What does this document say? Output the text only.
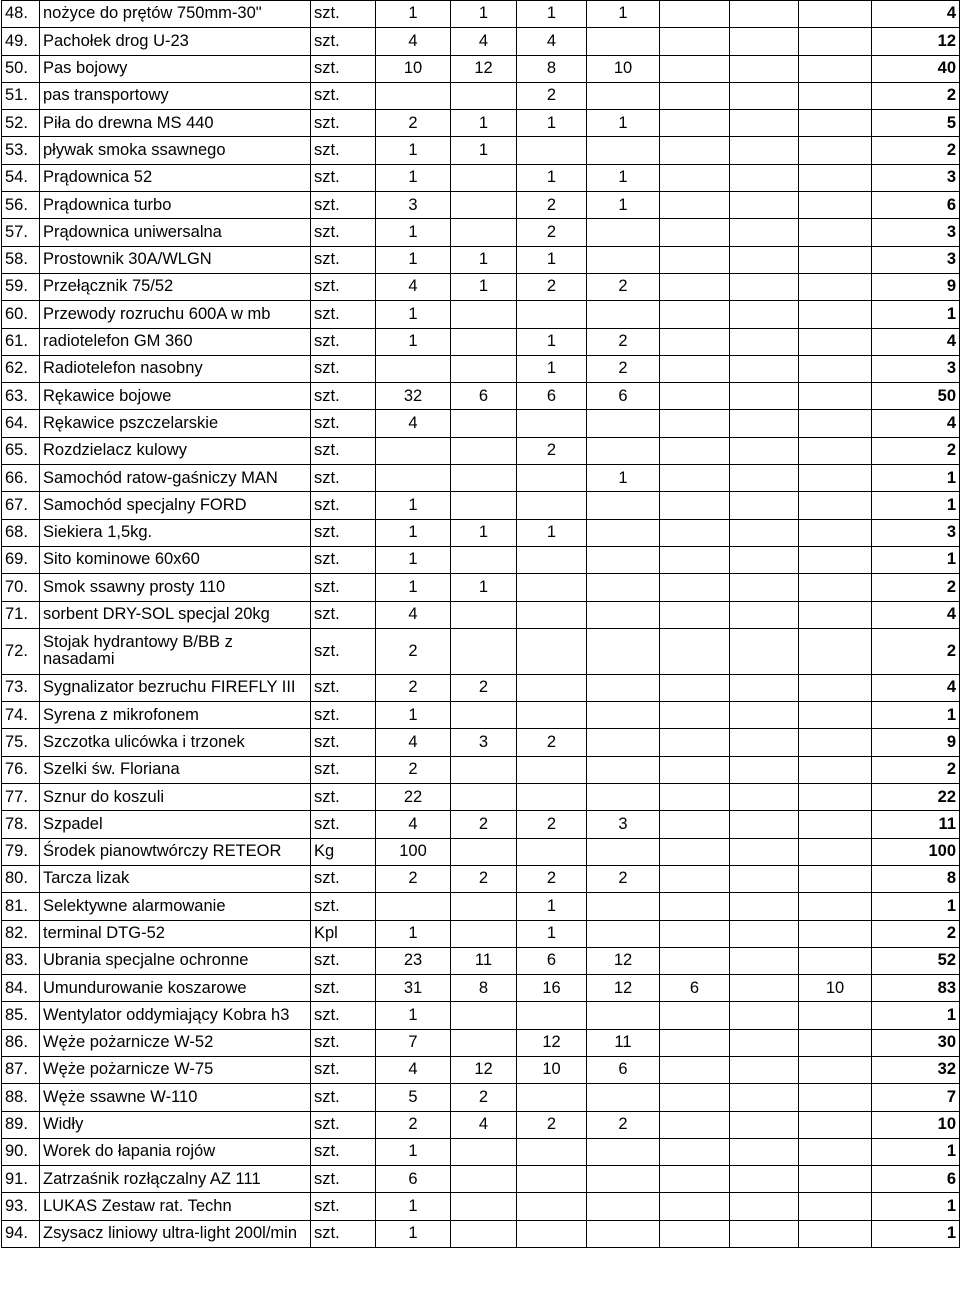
48.	nożyce do prętów 750mm-30"	szt.	1	1	1	1				4
49.	Pachołek drog U-23	szt.	4	4	4					12
50.	Pas bojowy	szt.	10	12	8	10				40
51.	pas transportowy	szt.			2					2
52.	Piła do drewna MS 440	szt.	2	1	1	1				5
53.	pływak smoka ssawnego	szt.	1	1						2
54.	Prądownica 52	szt.	1		1	1				3
56.	Prądownica turbo	szt.	3		2	1				6
57.	Prądownica uniwersalna	szt.	1		2					3
58.	Prostownik 30A/WLGN	szt.	1	1	1					3
59.	Przełącznik 75/52	szt.	4	1	2	2				9
60.	Przewody rozruchu 600A w mb	szt.	1							1
61.	radiotelefon GM 360	szt.	1		1	2				4
62.	Radiotelefon nasobny	szt.			1	2				3
63.	Rękawice bojowe	szt.	32	6	6	6				50
64.	Rękawice pszczelarskie	szt.	4							4
65.	Rozdzielacz kulowy	szt.			2					2
66.	Samochód ratow-gaśniczy MAN	szt.				1				1
67.	Samochód specjalny FORD	szt.	1							1
68.	Siekiera 1,5kg.	szt.	1	1	1					3
69.	Sito kominowe 60x60	szt.	1							1
70.	Smok ssawny prosty 110	szt.	1	1						2
71.	sorbent DRY-SOL specjal 20kg	szt.	4							4
72.	Stojak hydrantowy B/BB z nasadami	szt.	2							2
73.	Sygnalizator bezruchu FIREFLY III	szt.	2	2						4
74.	Syrena z mikrofonem	szt.	1							1
75.	Szczotka ulicówka i trzonek	szt.	4	3	2					9
76.	Szelki św. Floriana	szt.	2							2
77.	Sznur do koszuli	szt.	22							22
78.	Szpadel	szt.	4	2	2	3				11
79.	Środek pianowtwórczy RETEOR	Kg	100							100
80.	Tarcza lizak	szt.	2	2	2	2				8
81.	Selektywne alarmowanie	szt.			1					1
82.	terminal DTG-52	Kpl	1		1					2
83.	Ubrania specjalne ochronne	szt.	23	11	6	12				52
84.	Umundurowanie koszarowe	szt.	31	8	16	12	6		10	83
85.	Wentylator oddymiający Kobra h3	szt.	1							1
86.	Węże pożarnicze W-52	szt.	7		12	11				30
87.	Węże pożarnicze W-75	szt.	4	12	10	6				32
88.	Węże ssawne W-110	szt.	5	2						7
89.	Widły	szt.	2	4	2	2				10
90.	Worek do łapania rojów	szt.	1							1
91.	Zatrzaśnik rozłączalny AZ 111	szt.	6							6
93.	LUKAS Zestaw rat. Techn	szt.	1							1
94.	Zsysacz liniowy ultra-light 200l/min	szt.	1							1
